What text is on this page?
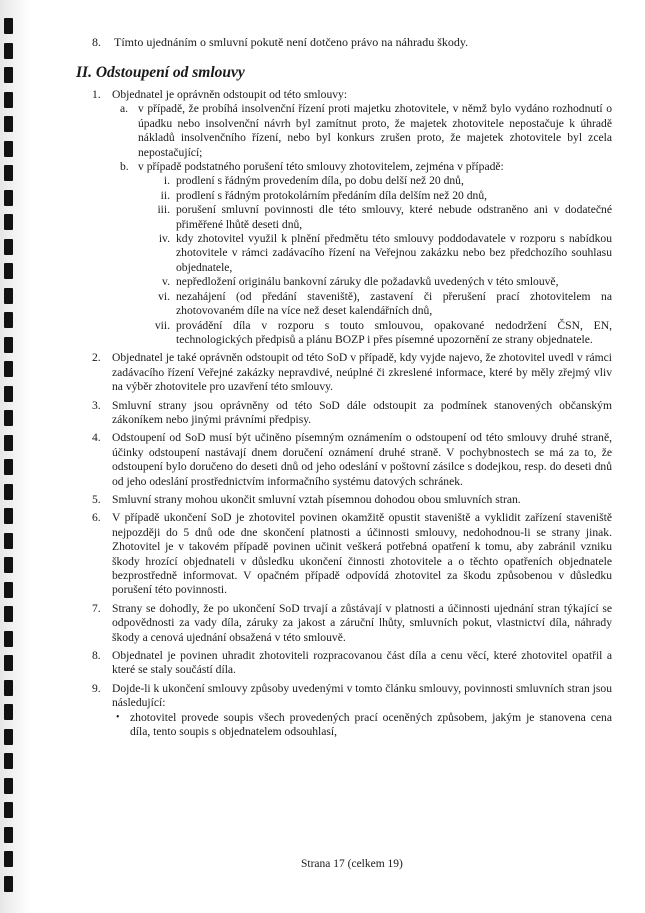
8. Tímto ujednáním o smluvní pokutě není dotčeno právo na náhradu škody.
II. Odstoupení od smlouvy
1. Objednatel je oprávněn odstoupit od této smlouvy:
a. v případě, že probíhá insolvenční řízení proti majetku zhotovitele, v němž bylo vydáno rozhodnutí o úpadku nebo insolvenční návrh byl zamítnut proto, že majetek zhotovitele nepostačuje k úhradě nákladů insolvenčního řízení, nebo byl konkurs zrušen proto, že majetek zhotovitele byl zcela nepostačující;
b. v případě podstatného porušení této smlouvy zhotovitelem, zejména v případě:
i. prodlení s řádným provedením díla, po dobu delší než 20 dnů,
ii. prodlení s řádným protokolárním předáním díla delším než 20 dnů,
iii. porušení smluvní povinnosti dle této smlouvy, které nebude odstraněno ani v dodatečné přiměřené lhůtě deseti dnů,
iv. kdy zhotovitel využil k plnění předmětu této smlouvy poddodavatele v rozporu s nabídkou zhotovitele v rámci zadávacího řízení na Veřejnou zakázku nebo bez předchozího souhlasu objednatele,
v. nepředložení originálu bankovní záruky dle požadavků uvedených v této smlouvě,
vi. nezahájení (od předání staveniště), zastavení či přerušení prací zhotovitelem na zhotovovaném díle na více než deset kalendářních dnů,
vii. provádění díla v rozporu s touto smlouvou, opakované nedodržení ČSN, EN, technologických předpisů a plánu BOZP i přes písemné upozornění ze strany objednatele.
2. Objednatel je také oprávněn odstoupit od této SoD v případě, kdy vyjde najevo, že zhotovitel uvedl v rámci zadávacího řízení Veřejné zakázky nepravdivé, neúplné či zkreslené informace, které by měly zřejmý vliv na výběr zhotovitele pro uzavření této smlouvy.
3. Smluvní strany jsou oprávněny od této SoD dále odstoupit za podmínek stanovených občanským zákoníkem nebo jinými právními předpisy.
4. Odstoupení od SoD musí být učiněno písemným oznámením o odstoupení od této smlouvy druhé straně, účinky odstoupení nastávají dnem doručení oznámení druhé straně. V pochybnostech se má za to, že odstoupení bylo doručeno do deseti dnů od jeho odeslání v poštovní zásilce s dodejkou, resp. do deseti dnů od jeho odeslání prostřednictvím informačního systému datových schránek.
5. Smluvní strany mohou ukončit smluvní vztah písemnou dohodou obou smluvních stran.
6. V případě ukončení SoD je zhotovitel povinen okamžitě opustit staveniště a vyklidit zařízení staveniště nejpozději do 5 dnů ode dne skončení platnosti a účinnosti smlouvy, nedohodnou-li se strany jinak. Zhotovitel je v takovém případě povinen učinit veškerá potřebná opatření k tomu, aby zabránil vzniku škody hrozící objednateli v důsledku ukončení činnosti zhotovitele a o těchto opatřeních objednatele bezprostředně informovat. V opačném případě odpovídá zhotovitel za škodu způsobenou v důsledku porušení této povinnosti.
7. Strany se dohodly, že po ukončení SoD trvají a zůstávají v platnosti a účinnosti ujednání stran týkající se odpovědnosti za vady díla, záruky za jakost a záruční lhůty, smluvních pokut, vlastnictví díla, náhrady škody a cenová ujednání obsažená v této smlouvě.
8. Objednatel je povinen uhradit zhotoviteli rozpracovanou část díla a cenu věcí, které zhotovitel opatřil a které se staly součástí díla.
9. Dojde-li k ukončení smlouvy způsoby uvedenými v tomto článku smlouvy, povinnosti smluvních stran jsou následující:
• zhotovitel provede soupis všech provedených prací oceněných způsobem, jakým je stanovena cena díla, tento soupis s objednatelem odsouhlasí,
Strana 17 (celkem 19)
